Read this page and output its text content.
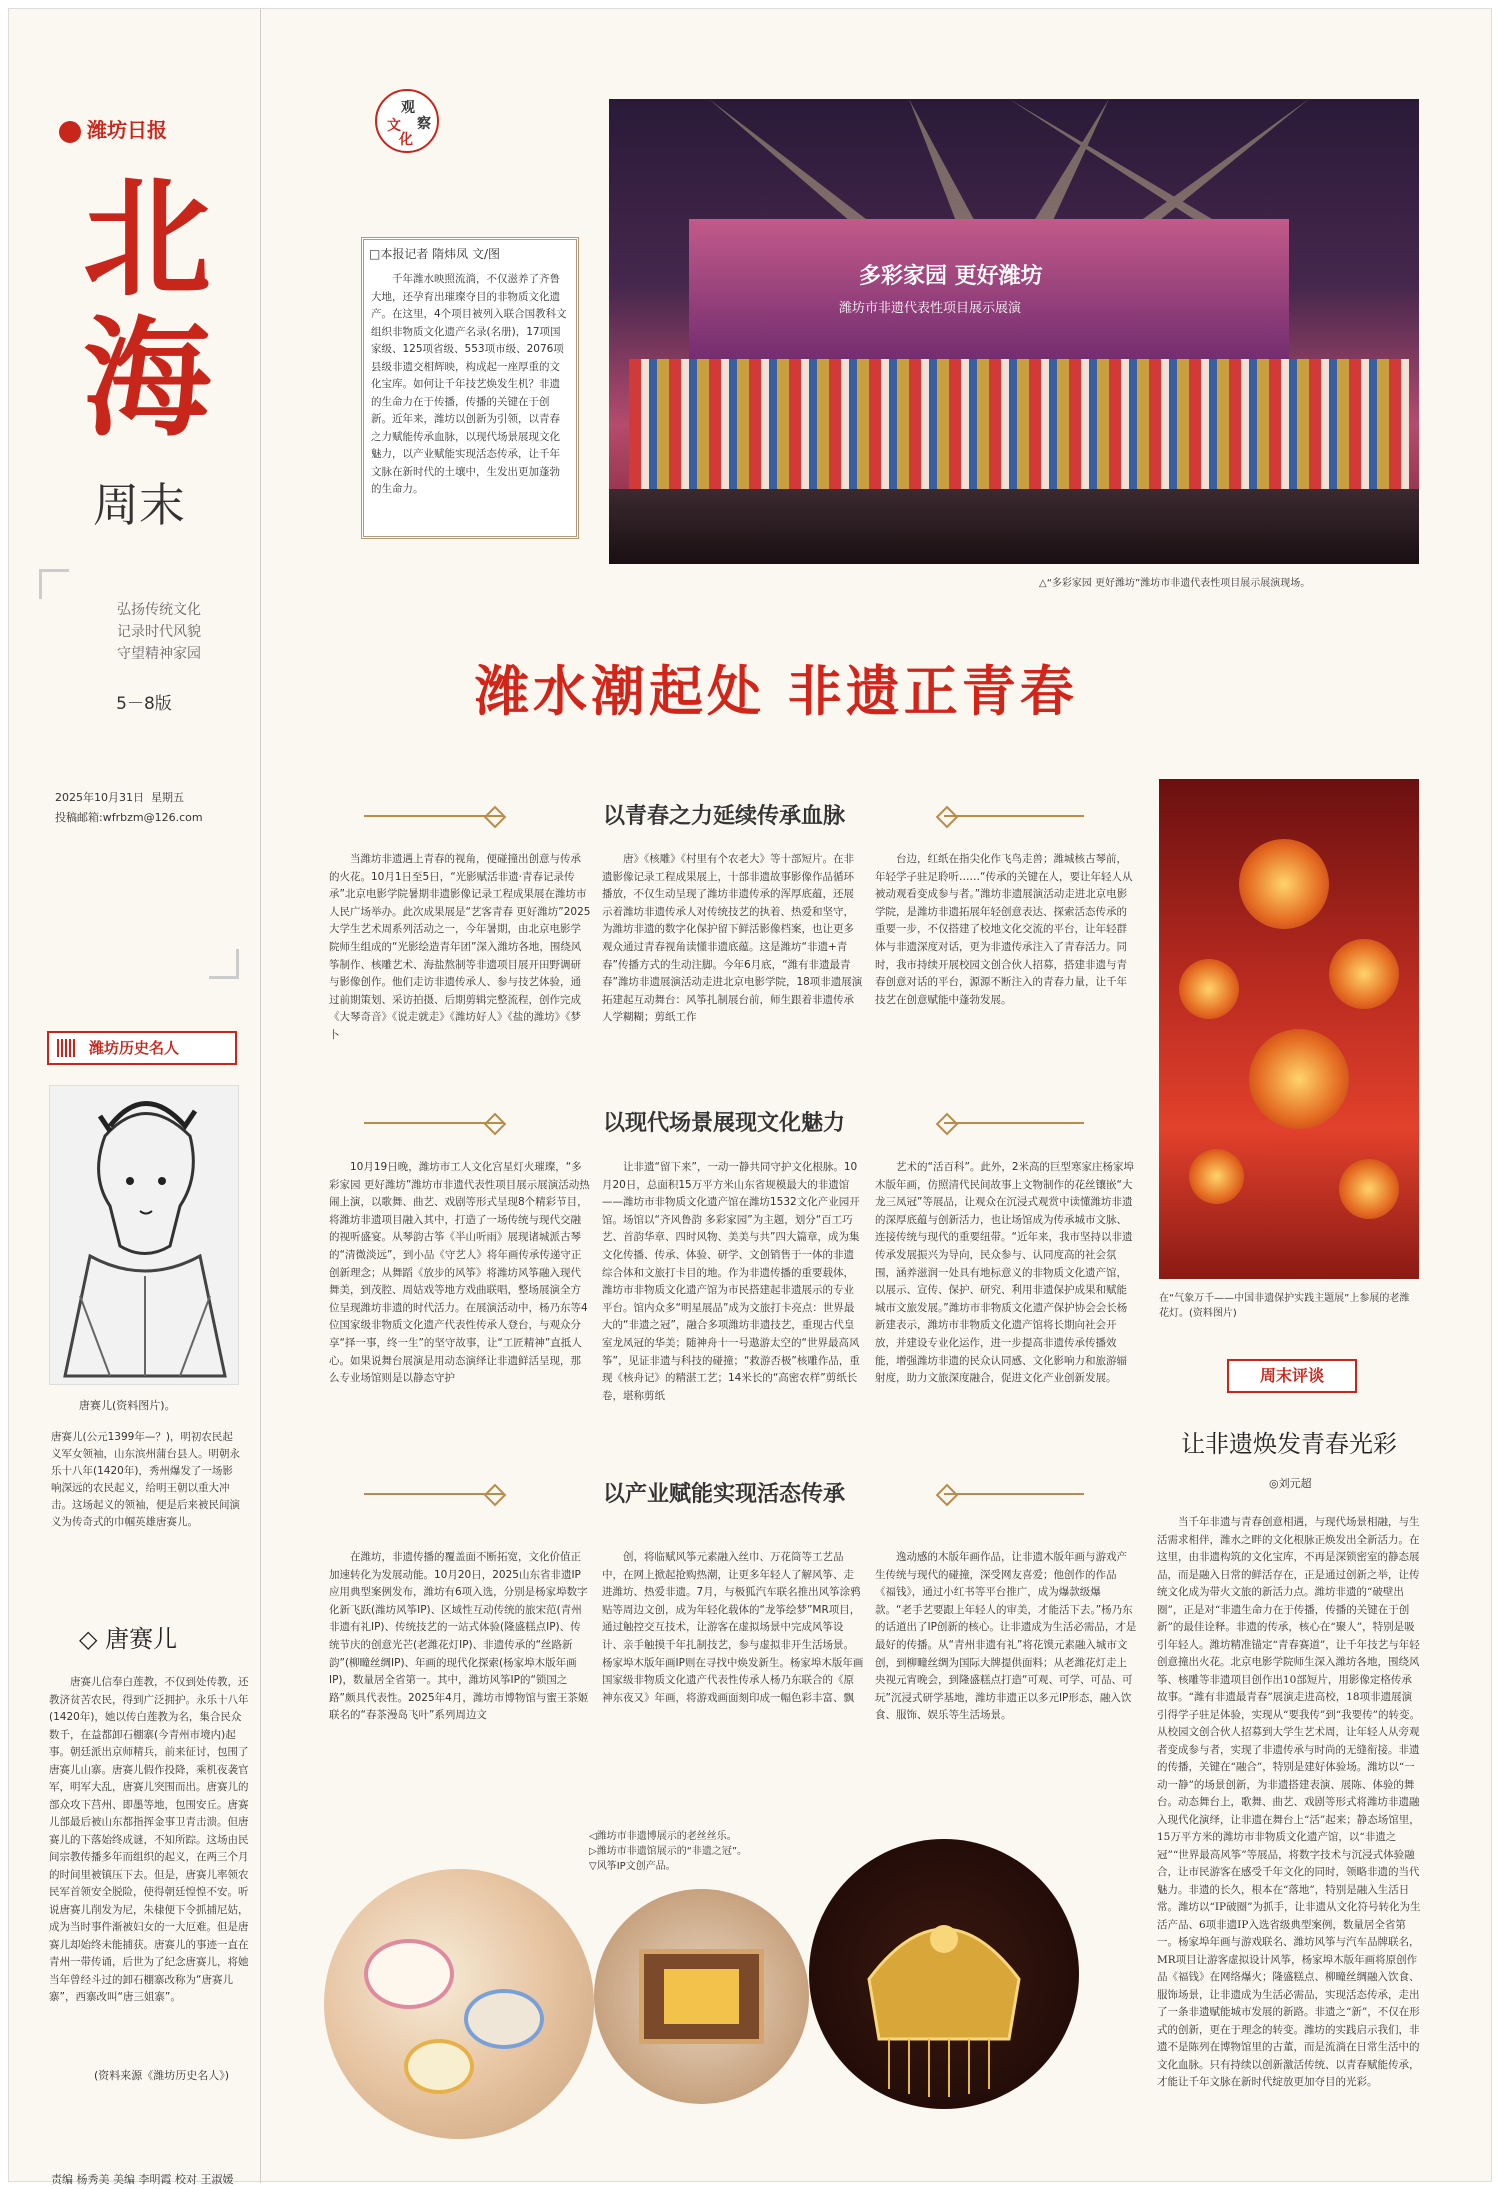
潍坊日报
北海
周末
弘扬传统文化
记录时代风貌
守望精神家园
5－8版
2025年10月31日 星期五
投稿邮箱:wfrbzm@126.com
潍坊历史名人
唐赛儿(资料图片)。
唐赛儿(公元1399年—？)，明初农民起义军女领袖，山东滨州蒲台县人。明朝永乐十八年(1420年)，秀州爆发了一场影响深远的农民起义，给明王朝以重大冲击。这场起义的领袖，便是后来被民间演义为传奇式的巾帼英雄唐赛儿。
◇ 唐赛儿
唐赛儿信奉白莲教，不仅到处传教，还教济贫苦农民，得到广泛拥护。永乐十八年(1420年)，她以传白莲教为名，集合民众数千，在益都卸石棚寨(今青州市境内)起事。朝廷派出京师精兵，前来征讨，包围了唐赛儿山寨。唐赛儿假作投降，乘机夜袭官军，明军大乱，唐赛儿突围而出。唐赛儿的部众攻下莒州、即墨等地，包围安丘。唐赛儿部最后被山东都指挥金事卫青击溃。但唐赛儿的下落始终成谜，不知所踪。这场由民间宗教传播多年而组织的起义，在两三个月的时间里被镇压下去。但是，唐赛儿率领农民军首领安全脱险，使得朝廷惶惶不安。听说唐赛儿削发为尼，朱棣便下令抓捕尼姑，成为当时事件渐被妇女的一大厄难。但是唐赛儿却始终未能捕获。唐赛儿的事迹一直在青州一带传诵，后世为了纪念唐赛儿，将她当年曾经斗过的卸石棚寨改称为“唐赛儿寨”，西寨改叫“唐三姐寨”。
(资料来源《潍坊历史名人》)
责编 杨秀美 美编 李明霞 校对 王淑媛
文
化
观
察
多彩家园 更好潍坊
潍坊市非遗代表性项目展示展演
△“多彩家园 更好潍坊”潍坊市非遗代表性项目展示展演现场。
□本报记者 隋炜凤 文/图
千年潍水映照流淌，不仅滋养了齐鲁大地，还孕育出璀璨夺目的非物质文化遗产。在这里，4个项目被列入联合国教科文组织非物质文化遗产名录(名册)，17项国家级、125项省级、553项市级、2076项县级非遗交相辉映，构成起一座厚重的文化宝库。如何让千年技艺焕发生机？非遗的生命力在于传播，传播的关键在于创新。近年来，潍坊以创新为引领，以青春之力赋能传承血脉，以现代场景展现文化魅力，以产业赋能实现活态传承，让千年文脉在新时代的土壤中，生发出更加蓬勃的生命力。
潍水潮起处 非遗正青春
以青春之力延续传承血脉
当潍坊非遗遇上青春的视角，便碰撞出创意与传承的火花。10月1日至5日，“光影赋活非遗·青春记录传承”北京电影学院暑期非遗影像记录工程成果展在潍坊市人民广场举办。此次成果展是“艺客青春 更好潍坊”2025大学生艺术周系列活动之一，今年暑期，由北京电影学院师生组成的“光影绘造青年团”深入潍坊各地，围绕风筝制作、核雕艺术、海盐熬制等非遗项目展开田野调研与影像创作。他们走访非遗传承人、参与技艺体验，通过前期策划、采访拍摄、后期剪辑完整流程，创作完成《大琴奇音》《说走就走》《潍坊好人》《盐的潍坊》《梦卜
唐》《核雕》《村里有个农老大》等十部短片。在非遗影像记录工程成果展上，十部非遗故事影像作品循环播放，不仅生动呈现了潍坊非遗传承的浑厚底蕴，还展示着潍坊非遗传承人对传统技艺的执着、热爱和坚守，为潍坊非遗的数字化保护留下鲜活影像档案，也让更多观众通过青春视角读懂非遗底蕴。这是潍坊“非遗+青春”传播方式的生动注脚。今年6月底，“潍有非遗最青春”潍坊非遗展演活动走进北京电影学院，18项非遗展演拓建起互动舞台：风筝扎制展台前，师生跟着非遗传承人学糊糊；剪纸工作
台边，红纸在指尖化作飞鸟走兽；潍城核古琴前，年轻学子驻足聆听……“传承的关键在人，要让年轻人从被动观看变成参与者。”潍坊非遗展演活动走进北京电影学院，是潍坊非遗拓展年轻创意表达、探索活态传承的重要一步，不仅搭建了校地文化交流的平台，让年轻群体与非遗深度对话，更为非遗传承注入了青春活力。同时，我市持续开展校园文创合伙人招募，搭建非遗与青春创意对话的平台，源源不断注入的青春力量，让千年技艺在创意赋能中蓬勃发展。
以现代场景展现文化魅力
10月19日晚，潍坊市工人文化宫星灯火璀璨，“多彩家园 更好潍坊”潍坊市非遗代表性项目展示展演活动热闹上演，以歌舞、曲艺、戏剧等形式呈现8个精彩节目，将潍坊非遗项目融入其中，打造了一场传统与现代交融的视听盛宴。从琴韵古筝《半山听雨》展现诸城派古琴的“清微淡远”，到小品《守艺人》将年画传承传递守正创新理念；从舞蹈《放步的风筝》将潍坊风筝融入现代舞美，到茂腔、周姑戏等地方戏曲联唱，整场展演全方位呈现潍坊非遗的时代活力。在展演活动中，杨乃东等4位国家级非物质文化遗产代表性传承人登台，与观众分享“择一事，终一生”的坚守故事，让“工匠精神”直抵人心。如果说舞台展演是用动态演绎让非遗鲜活呈现，那么专业场馆则是以静态守护
让非遗“留下来”，一动一静共同守护文化根脉。10月20日，总面积15万平方米山东省规模最大的非遗馆——潍坊市非物质文化遗产馆在潍坊1532文化产业园开馆。场馆以“齐风鲁韵 多彩家园”为主题，划分“百工巧艺、首韵华章、四时风物、美美与共”四大篇章，成为集文化传播、传承、体验、研学、文创销售于一体的非遗综合体和文旅打卡目的地。作为非遗传播的重要载体，潍坊市非物质文化遗产馆为市民搭建起非遗展示的专业平台。馆内众多“明星展品”成为文旅打卡亮点：世界最大的“非遗之冠”，融合多项潍坊非遗技艺，重现古代皇室龙凤冠的华美；随神舟十一号遨游太空的“世界最高风筝”，见证非遗与科技的碰撞；“救游否极”核雕作品，重现《核舟记》的精湛工艺；14米长的“高密农样”剪纸长卷，堪称剪纸
艺术的“活百科”。此外，2米高的巨型寒家庄杨家埠木版年画，仿照清代民间故事上文物制作的花丝镶嵌“大龙三凤冠”等展品，让观众在沉浸式观赏中读懂潍坊非遗的深厚底蕴与创新活力，也让场馆成为传承城市文脉、连接传统与现代的重要纽带。“近年来，我市坚持以非遗传承发展振兴为导向，民众参与、认同度高的社会氛围，涵养滋润一处具有地标意义的非物质文化遗产馆，以展示、宣传、保护、研究、利用非遗保护成果和赋能城市文旅发展。”潍坊市非物质文化遗产保护协会会长杨新建表示，潍坊市非物质文化遗产馆将长期向社会开放，并建设专业化运作，进一步提高非遗传承传播效能，增强潍坊非遗的民众认同感、文化影响力和旅游辐射度，助力文旅深度融合，促进文化产业创新发展。
以产业赋能实现活态传承
在潍坊，非遗传播的覆盖面不断拓宽，文化价值正加速转化为发展动能。10月20日，2025山东省非遗IP应用典型案例发布，潍坊有6项入选，分别是杨家埠数字化新飞跃(潍坊风筝IP)、区域性互动传统的旅宋范(青州非遗有礼IP)、传统技艺的一站式体验(隆盛糕点IP)、传统节庆的创意光芒(老潍花灯IP)、非遗传承的“丝路新韵”(柳疃丝绸IP)、年画的现代化探索(杨家埠木版年画IP)，数量居全省第一。其中，潍坊风筝IP的“锁国之路”颇具代表性。2025年4月，潍坊市博物馆与蜜王茶姬联名的“春茶漫岛飞叶”系列周边文
创，将临赋风筝元素融入丝巾、万花筒等工艺品中，在网上掀起抢购热潮，让更多年轻人了解风筝、走进潍坊、热爱非遗。7月，与极狐汽车联名推出风筝涂鸦贴等周边文创，成为年轻化载体的“龙筝绘梦”MR项目，通过触控交互技术，让游客在虚拟场景中完成风筝设计、亲手触摸千年扎制技艺，参与虚拟非开生活场景。杨家埠木版年画IP则在寻找中焕发新生。杨家埠木版年画国家级非物质文化遗产代表性传承人杨乃东联合的《原神东夜又》年画，将游戏画面刻印成一幅色彩丰富、飘
逸动感的木版年画作品，让非遗木版年画与游戏产生传统与现代的碰撞，深受网友喜爱；他创作的作品《福钱》，通过小红书等平台推广，成为爆款级爆款。“老手艺要跟上年轻人的审美，才能活下去。”杨乃东的话道出了IP创新的核心。让非遗成为生活必需品，才是最好的传播。从“青州非遗有礼”将花馍元素融入城市文创，到柳疃丝绸为国际大牌提供面料；从老潍花灯走上央视元宵晚会，到隆盛糕点打造“可观、可学、可品、可玩”沉浸式研学基地，潍坊非遗正以多元IP形态，融入饮食、服饰、娱乐等生活场景。
在“气象万千——中国非遗保护实践主题展”上参展的老潍花灯。(资料图片)
周末评谈
让非遗焕发青春光彩
◎刘元超
当千年非遗与青春创意相遇，与现代场景相融，与生活需求相伴，潍水之畔的文化根脉正焕发出全新活力。在这里，由非遗构筑的文化宝库，不再是深锁密室的静态展品，而是融入日常的鲜活存在，正是通过创新之举，让传统文化成为带火文旅的新活力点。潍坊非遗的“破壁出圈”，正是对“非遗生命力在于传播，传播的关键在于创新”的最佳诠释。非遗的传承，核心在“聚人”，特别是吸引年轻人。潍坊精准锚定“青春赛道”，让千年技艺与年轻创意撞出火花。北京电影学院师生深入潍坊各地，围绕风筝、核雕等非遗项目创作出10部短片，用影像定格传承故事。“潍有非遗最青春”展演走进高校，18项非遗展演引得学子驻足体验，实现从“要我传”到“我要传”的转变。从校园文创合伙人招募到大学生艺术周，让年轻人从旁观者变成参与者，实现了非遗传承与时尚的无缝衔接。非遗的传播，关键在“融合”，特别是建好体验场。潍坊以“一动一静”的场景创新，为非遗搭建表演、展陈、体验的舞台。动态舞台上，歌舞、曲艺、戏剧等形式将潍坊非遗融入现代化演绎，让非遗在舞台上“活”起来；静态场馆里，15万平方米的潍坊市非物质文化遗产馆，以“非遗之冠”“世界最高风筝”等展品，将数字技术与沉浸式体验融合，让市民游客在感受千年文化的同时，领略非遗的当代魅力。非遗的长久，根本在“落地”，特别是融入生活日常。潍坊以“IP破圈”为抓手，让非遗从文化符号转化为生活产品、6项非遗IP入选省级典型案例，数量居全省第一。杨家埠年画与游戏联名、潍坊风筝与汽车品牌联名，MR项目让游客虚拟设计风筝，杨家埠木版年画将原创作品《福钱》在网络爆火；隆盛糕点、柳疃丝绸融入饮食、服饰场景，让非遗成为生活必需品，实现活态传承，走出了一条非遗赋能城市发展的新路。非遗之“新”，不仅在形式的创新，更在于理念的转变。潍坊的实践启示我们，非遗不是陈列在博物馆里的古董，而是流淌在日常生活中的文化血脉。只有持续以创新激活传统、以青春赋能传承，才能让千年文脉在新时代绽放更加夺目的光彩。
◁潍坊市非遗博展示的老丝丝乐。
▷潍坊市非遗馆展示的“非遗之冠”。
▽风筝IP文创产品。
